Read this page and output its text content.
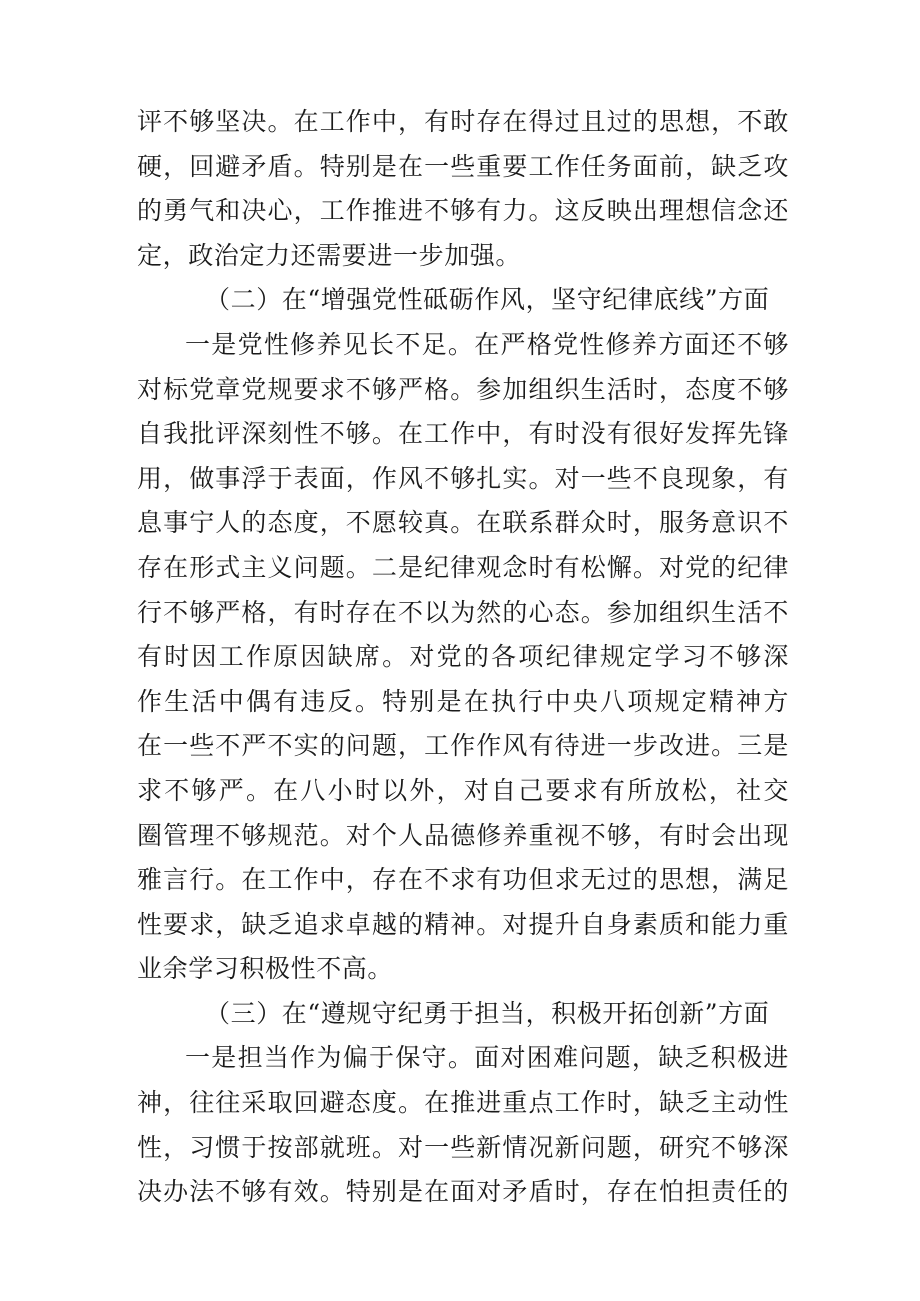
评不够坚决。在工作中，有时存在得过且过的思想，不敢
硬，回避矛盾。特别是在一些重要工作任务面前，缺乏攻
的勇气和决心，工作推进不够有力。这反映出理想信念还
定，政治定力还需要进一步加强。
（二）在“增强党性砥砺作风，坚守纪律底线”方面
一是党性修养见长不足。在严格党性修养方面还不够
对标党章党规要求不够严格。参加组织生活时，态度不够
自我批评深刻性不够。在工作中，有时没有很好发挥先锋
用，做事浮于表面，作风不够扎实。对一些不良现象，有
息事宁人的态度，不愿较真。在联系群众时，服务意识不
存在形式主义问题。二是纪律观念时有松懈。对党的纪律
行不够严格，有时存在不以为然的心态。参加组织生活不
有时因工作原因缺席。对党的各项纪律规定学习不够深
作生活中偶有违反。特别是在执行中央八项规定精神方
在一些不严不实的问题，工作作风有待进一步改进。三是
求不够严。在八小时以外，对自己要求有所放松，社交
圈管理不够规范。对个人品德修养重视不够，有时会出现
雅言行。在工作中，存在不求有功但求无过的思想，满足
性要求，缺乏追求卓越的精神。对提升自身素质和能力重
业余学习积极性不高。
（三）在“遵规守纪勇于担当，积极开拓创新”方面
一是担当作为偏于保守。面对困难问题，缺乏积极进
神，往往采取回避态度。在推进重点工作时，缺乏主动性
性，习惯于按部就班。对一些新情况新问题，研究不够深
决办法不够有效。特别是在面对矛盾时，存在怕担责任的
